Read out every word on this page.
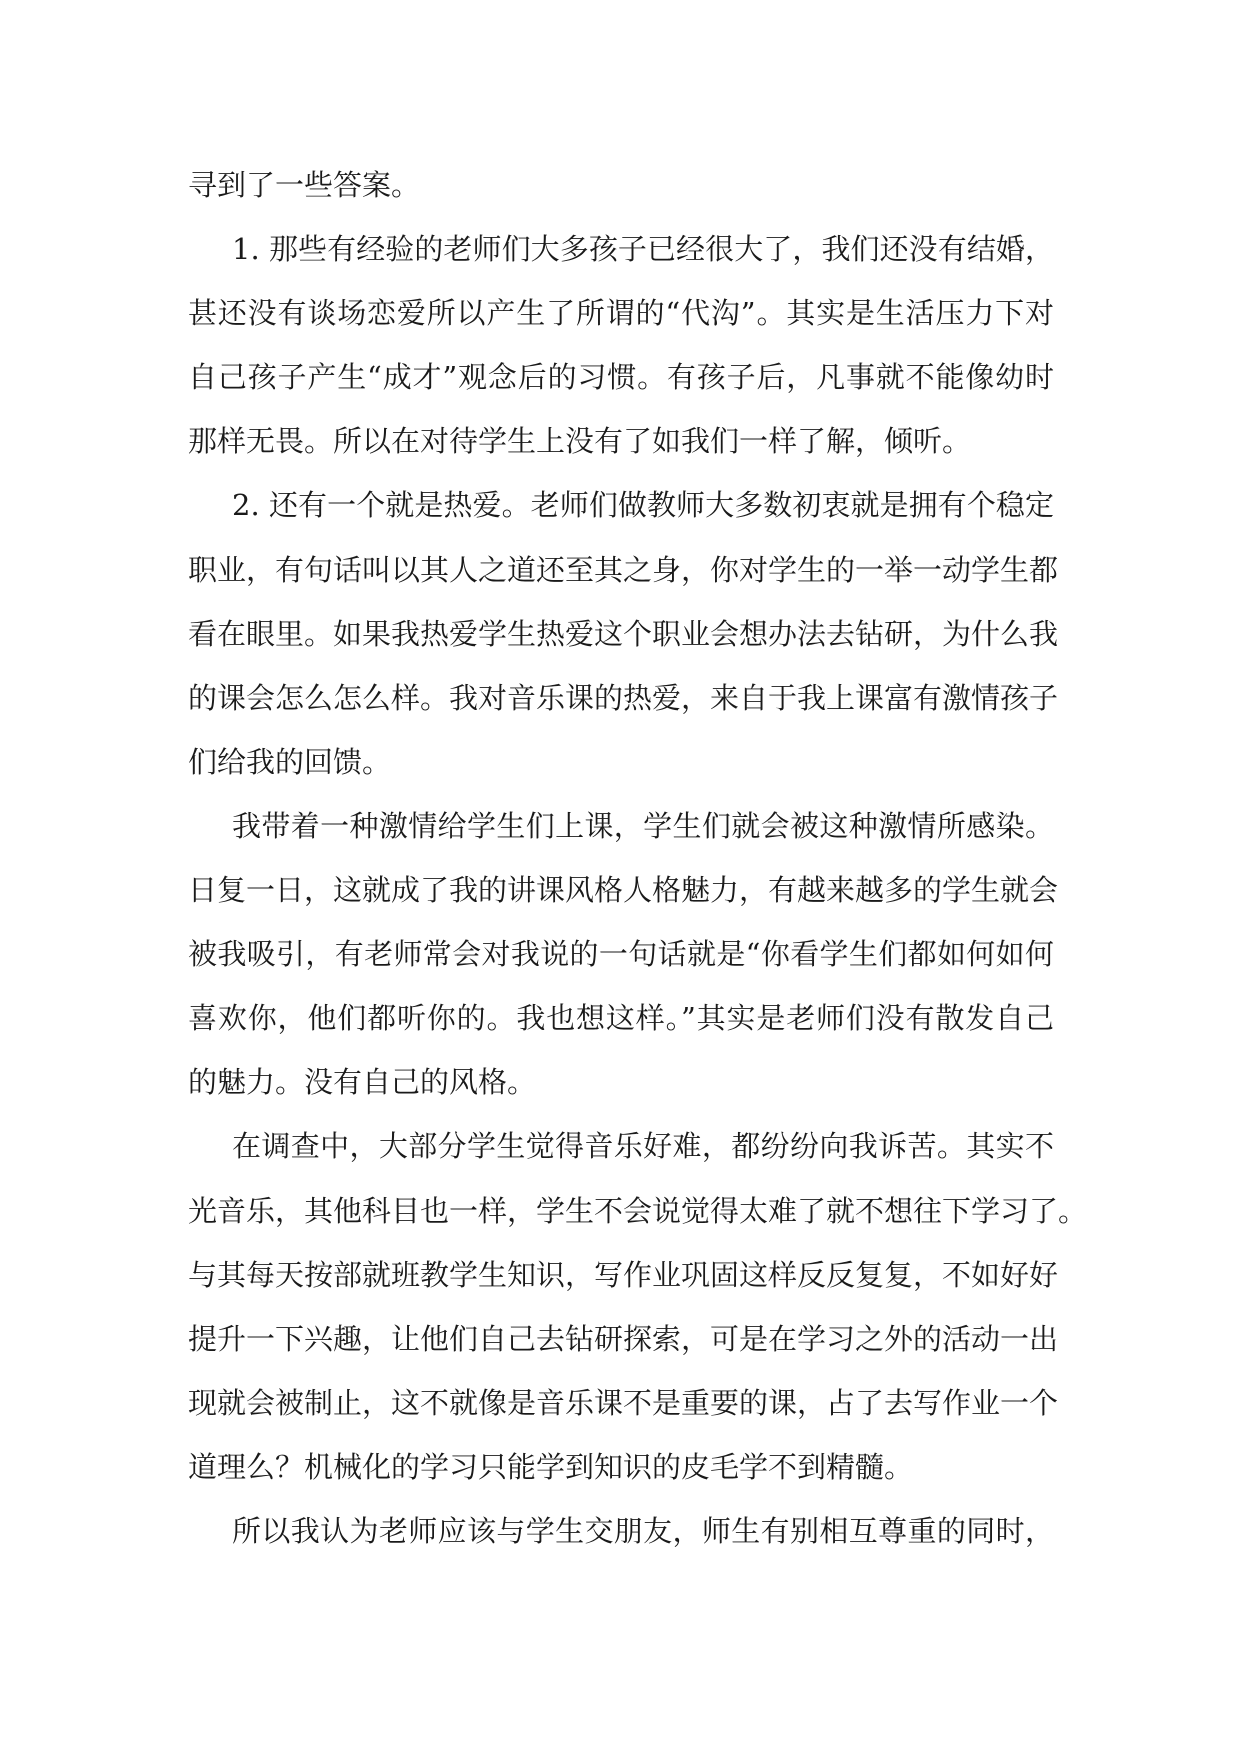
寻到了一些答案。
1. 那些有经验的老师们大多孩子已经很大了，我们还没有结婚，
甚还没有谈场恋爱所以产生了所谓的“代沟”。其实是生活压力下对
自己孩子产生“成才”观念后的习惯。有孩子后，凡事就不能像幼时
那样无畏。所以在对待学生上没有了如我们一样了解，倾听。
2. 还有一个就是热爱。老师们做教师大多数初衷就是拥有个稳定
职业，有句话叫以其人之道还至其之身，你对学生的一举一动学生都
看在眼里。如果我热爱学生热爱这个职业会想办法去钻研，为什么我
的课会怎么怎么样。我对音乐课的热爱，来自于我上课富有激情孩子
们给我的回馈。
我带着一种激情给学生们上课，学生们就会被这种激情所感染。
日复一日，这就成了我的讲课风格人格魅力，有越来越多的学生就会
被我吸引，有老师常会对我说的一句话就是“你看学生们都如何如何
喜欢你，他们都听你的。我也想这样。”其实是老师们没有散发自己
的魅力。没有自己的风格。
在调查中，大部分学生觉得音乐好难，都纷纷向我诉苦。其实不
光音乐，其他科目也一样，学生不会说觉得太难了就不想往下学习了。
与其每天按部就班教学生知识，写作业巩固这样反反复复，不如好好
提升一下兴趣，让他们自己去钻研探索，可是在学习之外的活动一出
现就会被制止，这不就像是音乐课不是重要的课，占了去写作业一个
道理么？机械化的学习只能学到知识的皮毛学不到精髓。
所以我认为老师应该与学生交朋友，师生有别相互尊重的同时，
